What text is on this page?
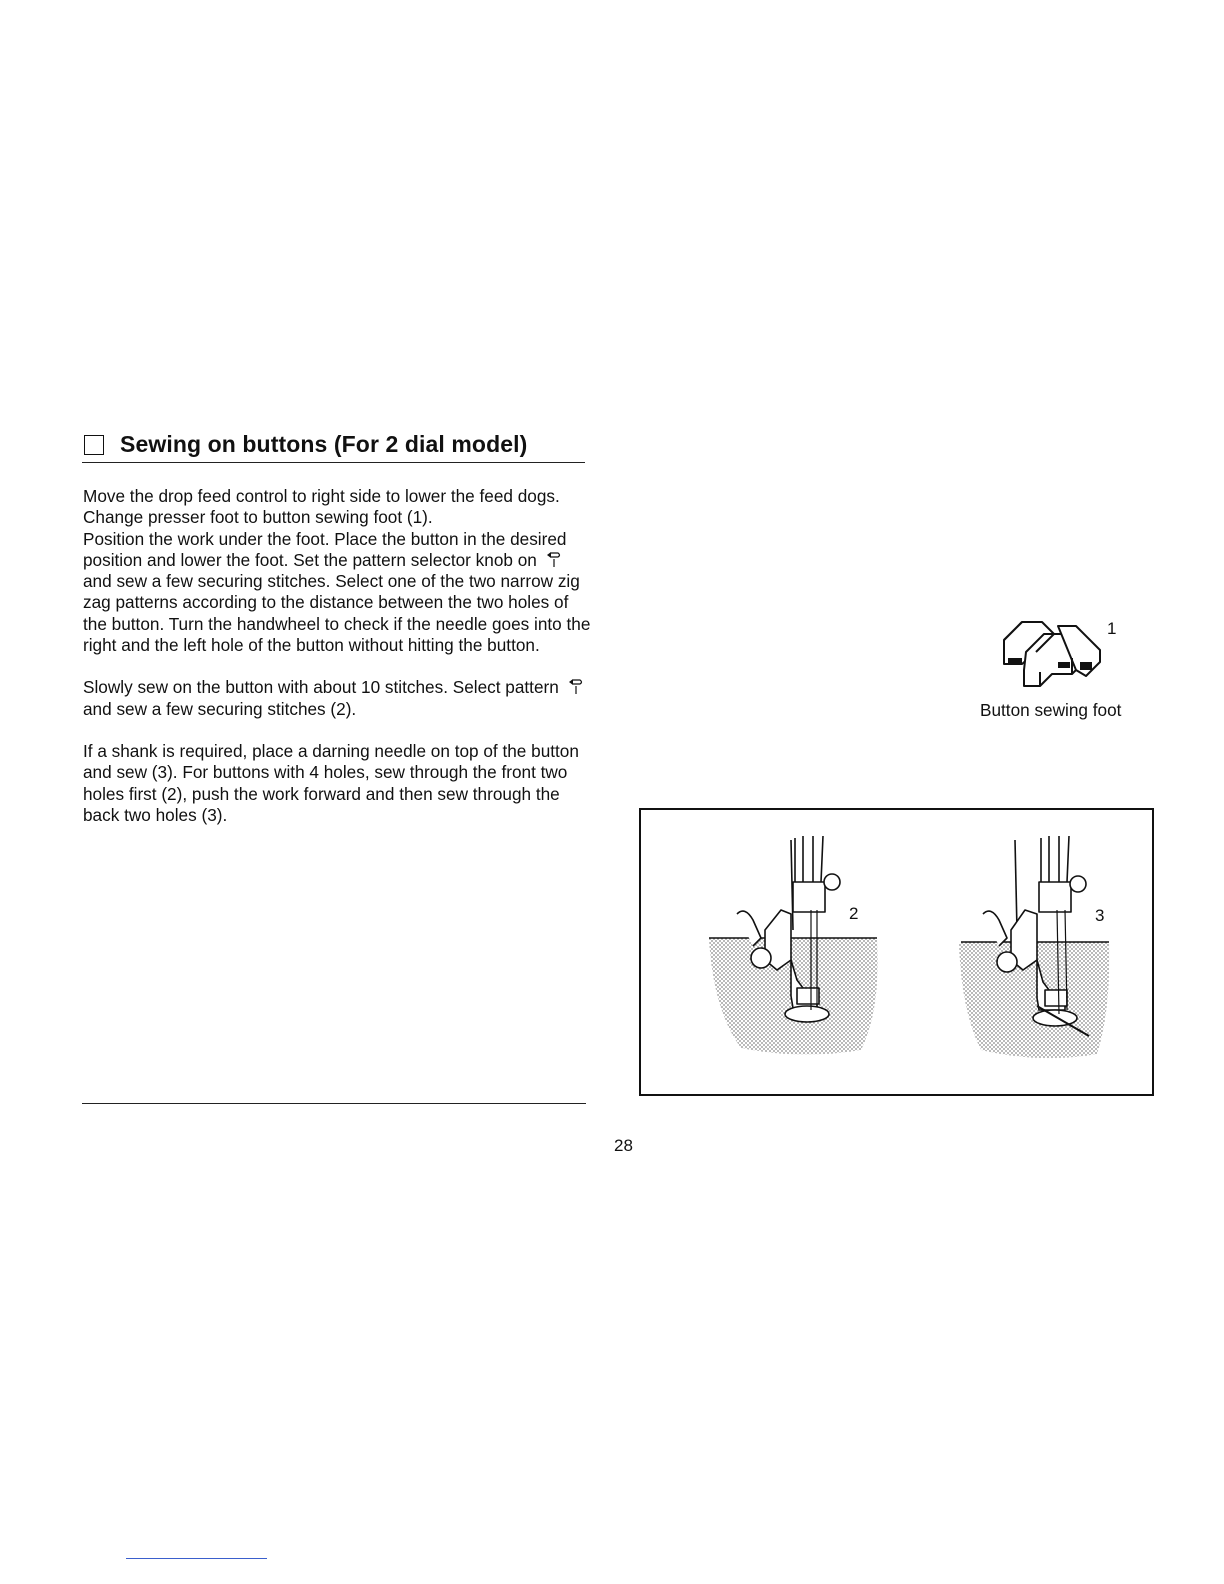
Sewing on buttons (For 2 dial model)

Move the drop feed control to right side to lower the feed dogs.
Change presser foot to button sewing foot (1).
Position the work under the foot. Place the button in the desired position and lower the foot. Set the pattern selector knob on
and sew a few securing stitches. Select one of the two narrow zig zag patterns according to the distance between the two holes of the button. Turn the handwheel to check if the needle goes into the right and the left hole of the button without hitting the button.

Slowly sew on the button with about 10 stitches. Select pattern
and sew a few securing stitches (2).

If a shank is required, place a darning needle on top of the button and sew (3). For buttons with 4 holes, sew through the front two holes first (2), push the work forward and then sew through the back two holes (3).

28
1
Button sewing foot
2	3
